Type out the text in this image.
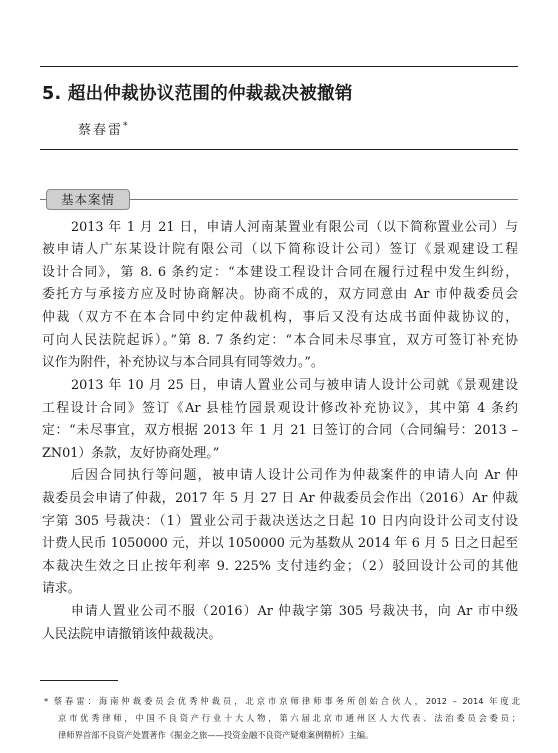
5. 超出仲裁协议范围的仲裁裁决被撤销
蔡春雷*
基本案情
2013 年 1 月 21 日，申请人河南某置业有限公司（以下简称置业公司）与
被申请人广东某设计院有限公司（以下简称设计公司）签订《景观建设工程
设计合同》，第 8. 6 条约定：“本建设工程设计合同在履行过程中发生纠纷，
委托方与承接方应及时协商解决。协商不成的，双方同意由 Ar 市仲裁委员会
仲裁（双方不在本合同中约定仲裁机构，事后又没有达成书面仲裁协议的，
可向人民法院起诉）。”第 8. 7 条约定：“本合同未尽事宜，双方可签订补充协
议作为附件，补充协议与本合同具有同等效力。”。
2013 年 10 月 25 日，申请人置业公司与被申请人设计公司就《景观建设
工程设计合同》签订《Ar 县桂竹园景观设计修改补充协议》，其中第 4 条约
定：“未尽事宜，双方根据 2013 年 1 月 21 日签订的合同（合同编号：2013 –
ZN01）条款，友好协商处理。”
后因合同执行等问题，被申请人设计公司作为仲裁案件的申请人向 Ar 仲
裁委员会申请了仲裁，2017 年 5 月 27 日 Ar 仲裁委员会作出（2016）Ar 仲裁
字第 305 号裁决：（1）置业公司于裁决送达之日起 10 日内向设计公司支付设
计费人民币 1050000 元，并以 1050000 元为基数从 2014 年 6 月 5 日之日起至
本裁决生效之日止按年利率 9. 225% 支付违约金；（2）驳回设计公司的其他
请求。
申请人置业公司不服（2016）Ar 仲裁字第 305 号裁决书，向 Ar 市中级
人民法院申请撤销该仲裁裁决。
* 蔡春雷：海南仲裁委员会优秀仲裁员，北京市京师律师事务所创始合伙人，2012 – 2014 年度北
京市优秀律师，中国不良资产行业十大人物，第六届北京市通州区人大代表、法治委员会委员；
律师界首部不良资产处置著作《掘金之旅——投资金融不良资产疑难案例精析》主编。
